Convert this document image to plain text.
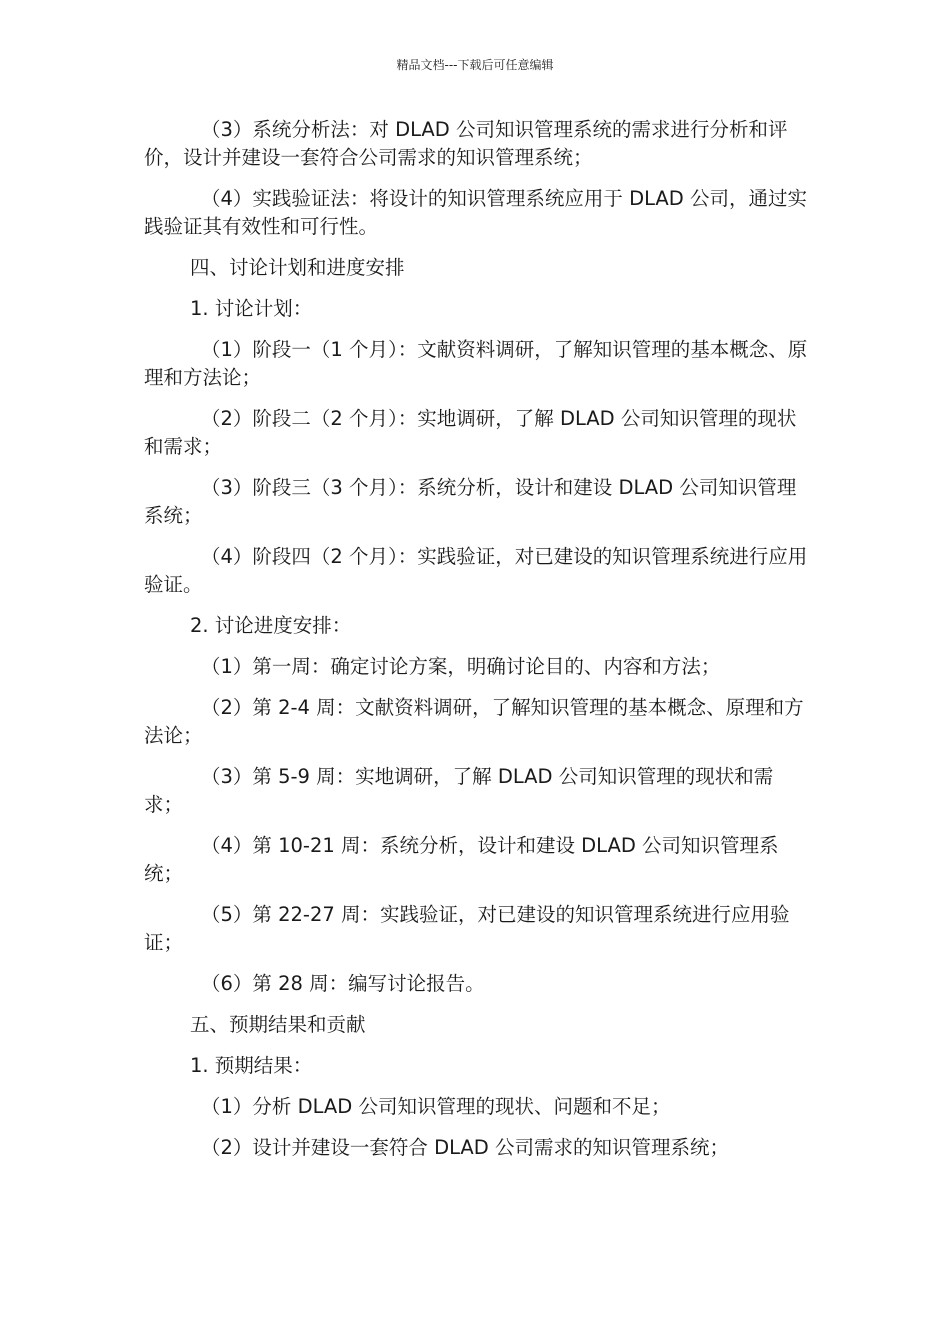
精品文档---下载后可任意编辑

（3）系统分析法：对 DLAD 公司知识管理系统的需求进行分析和评价，设计并建设一套符合公司需求的知识管理系统；

（4）实践验证法：将设计的知识管理系统应用于 DLAD 公司，通过实践验证其有效性和可行性。

四、讨论计划和进度安排

1. 讨论计划：

（1）阶段一（1 个月）：文献资料调研，了解知识管理的基本概念、原理和方法论；

（2）阶段二（2 个月）：实地调研，了解 DLAD 公司知识管理的现状和需求；

（3）阶段三（3 个月）：系统分析，设计和建设 DLAD 公司知识管理系统；

（4）阶段四（2 个月）：实践验证，对已建设的知识管理系统进行应用验证。

2. 讨论进度安排：

（1）第一周：确定讨论方案，明确讨论目的、内容和方法；

（2）第 2-4 周：文献资料调研，了解知识管理的基本概念、原理和方法论；

（3）第 5-9 周：实地调研，了解 DLAD 公司知识管理的现状和需求；

（4）第 10-21 周：系统分析，设计和建设 DLAD 公司知识管理系统；

（5）第 22-27 周：实践验证，对已建设的知识管理系统进行应用验证；

（6）第 28 周：编写讨论报告。

五、预期结果和贡献

1. 预期结果：

（1）分析 DLAD 公司知识管理的现状、问题和不足；

（2）设计并建设一套符合 DLAD 公司需求的知识管理系统；
